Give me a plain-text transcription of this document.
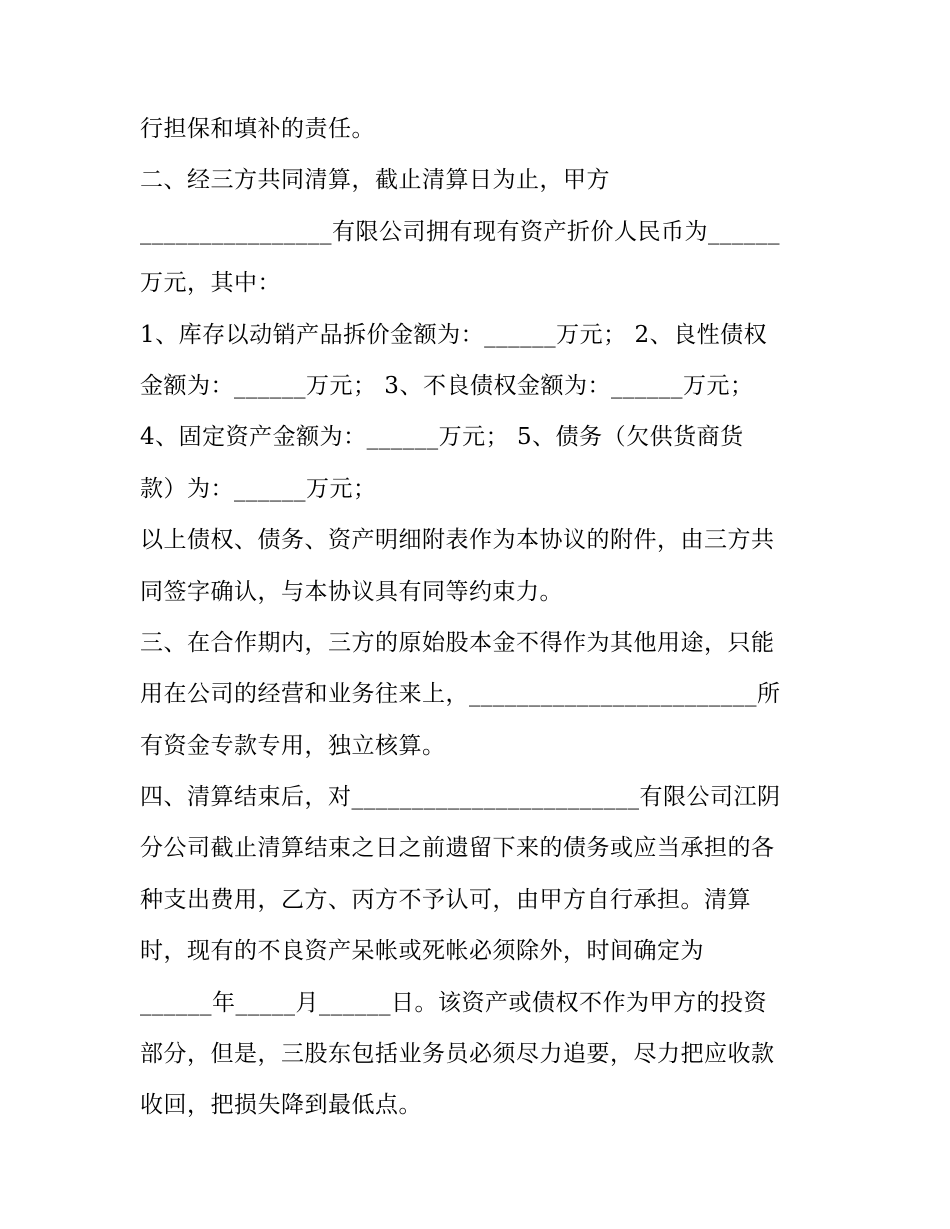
行担保和填补的责任。
二、经三方共同清算，截止清算日为止，甲方
________________有限公司拥有现有资产折价人民币为______
万元，其中：
1、库存以动销产品拆价金额为：______万元； 2、良性债权
金额为：______万元； 3、不良债权金额为：______万元；
4、固定资产金额为：______万元； 5、债务（欠供货商货
款）为：______万元；
以上债权、债务、资产明细附表作为本协议的附件，由三方共
同签字确认，与本协议具有同等约束力。
三、在合作期内，三方的原始股本金不得作为其他用途，只能
用在公司的经营和业务往来上，________________________所
有资金专款专用，独立核算。
四、清算结束后，对________________________有限公司江阴
分公司截止清算结束之日之前遗留下来的债务或应当承担的各
种支出费用，乙方、丙方不予认可，由甲方自行承担。清算
时，现有的不良资产呆帐或死帐必须除外，时间确定为
______年_____月______日。该资产或债权不作为甲方的投资
部分，但是，三股东包括业务员必须尽力追要，尽力把应收款
收回，把损失降到最低点。
